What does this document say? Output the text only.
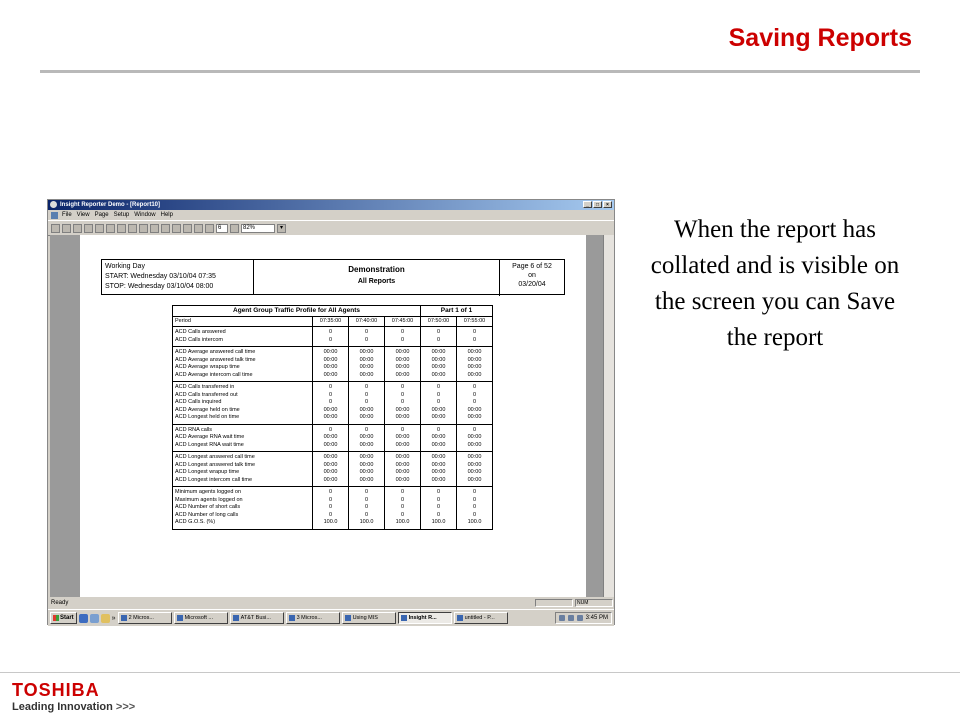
Saving Reports
Insight Reporter Demo - [Report10]	_	□	×
File View Page Setup Window Help
6	82%	▾
Working Day
START: Wednesday 03/10/04 07:35
STOP: Wednesday 03/10/04 08:00
Demonstration
All Reports
Page 6 of 52
on
03/20/04
Agent Group Traffic Profile for All Agents				Part 1 of 1	
Period	07:35:00	07:40:00	07:45:00	07:50:00	07:55:00
ACD Calls answered	0	0	0	0	0
ACD Calls intercom	0	0	0	0	0
ACD Average answered call time	00:00	00:00	00:00	00:00	00:00
ACD Average answered talk time	00:00	00:00	00:00	00:00	00:00
ACD Average wrapup time	00:00	00:00	00:00	00:00	00:00
ACD Average intercom call time	00:00	00:00	00:00	00:00	00:00
ACD Calls transferred in	0	0	0	0	0
ACD Calls transferred out	0	0	0	0	0
ACD Calls inquired	0	0	0	0	0
ACD Average held on time	00:00	00:00	00:00	00:00	00:00
ACD Longest held on time	00:00	00:00	00:00	00:00	00:00
ACD RNA calls	0	0	0	0	0
ACD Average RNA wait time	00:00	00:00	00:00	00:00	00:00
ACD Longest RNA wait time	00:00	00:00	00:00	00:00	00:00
ACD Longest answered call time	00:00	00:00	00:00	00:00	00:00
ACD Longest answered talk time	00:00	00:00	00:00	00:00	00:00
ACD Longest wrapup time	00:00	00:00	00:00	00:00	00:00
ACD Longest intercom call time	00:00	00:00	00:00	00:00	00:00
Minimum agents logged on	0	0	0	0	0
Maximum agents logged on	0	0	0	0	0
ACD Number of short calls	0	0	0	0	0
ACD Number of long calls	0	0	0	0	0
ACD G.O.S. (%)	100.0	100.0	100.0	100.0	100.0
Ready	NUM
Start	» 2 Micros...	Microsoft ...	AT&T Busi...	3 Micros...	Using MIS	Insight R...	untitled - P...	3:45 PM
When the report has collated and is visible on the screen you can Save the report
TOSHIBA
Leading Innovation >>>
